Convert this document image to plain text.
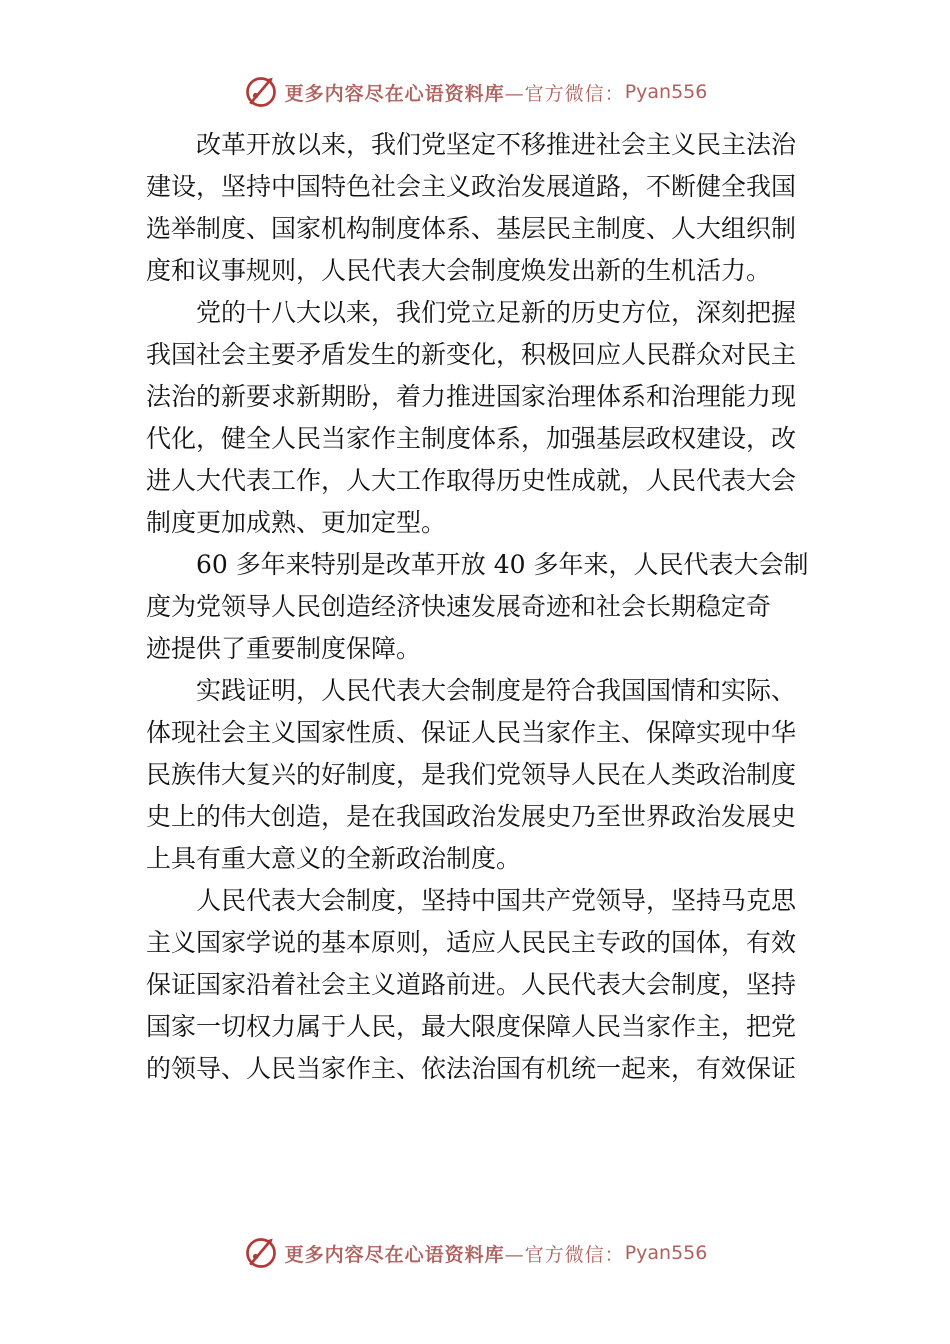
更多内容尽在心语资料库 —官方微信： Pyan556

改革开放以来，我们党坚定不移推进社会主义民主法治
建设，坚持中国特色社会主义政治发展道路，不断健全我国
选举制度、国家机构制度体系、基层民主制度、人大组织制
度和议事规则，人民代表大会制度焕发出新的生机活力。

党的十八大以来，我们党立足新的历史方位，深刻把握
我国社会主要矛盾发生的新变化，积极回应人民群众对民主
法治的新要求新期盼，着力推进国家治理体系和治理能力现
代化，健全人民当家作主制度体系，加强基层政权建设，改
进人大代表工作，人大工作取得历史性成就，人民代表大会
制度更加成熟、更加定型。

60 多年来特别是改革开放 40 多年来，人民代表大会制
度为党领导人民创造经济快速发展奇迹和社会长期稳定奇
迹提供了重要制度保障。

实践证明，人民代表大会制度是符合我国国情和实际、
体现社会主义国家性质、保证人民当家作主、保障实现中华
民族伟大复兴的好制度，是我们党领导人民在人类政治制度
史上的伟大创造，是在我国政治发展史乃至世界政治发展史
上具有重大意义的全新政治制度。

人民代表大会制度，坚持中国共产党领导，坚持马克思
主义国家学说的基本原则，适应人民民主专政的国体，有效
保证国家沿着社会主义道路前进。人民代表大会制度，坚持
国家一切权力属于人民，最大限度保障人民当家作主，把党
的领导、人民当家作主、依法治国有机统一起来，有效保证

更多内容尽在心语资料库 —官方微信： Pyan556
